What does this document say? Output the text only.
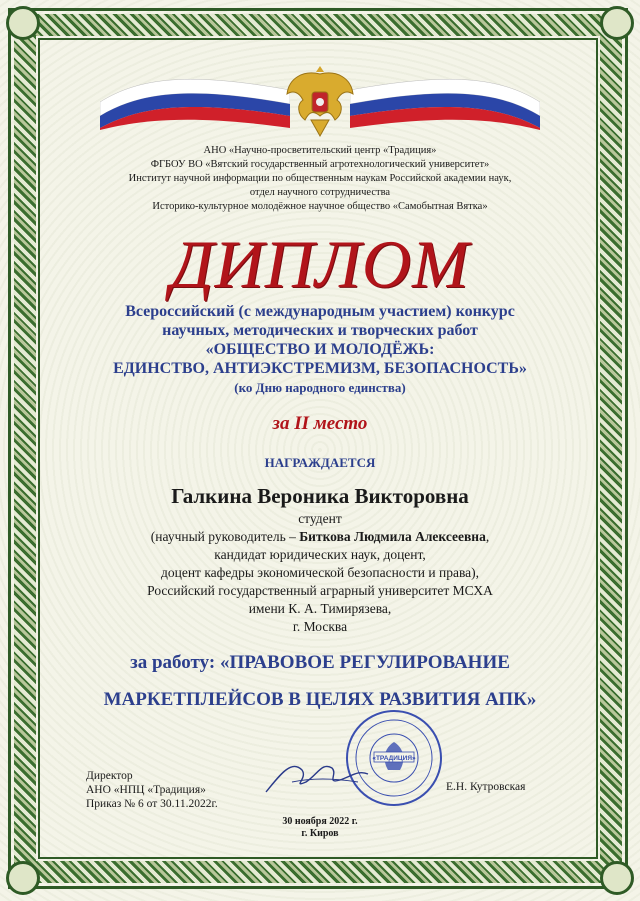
АНО «Научно-просветительский центр «Традиция»
ФГБОУ ВО «Вятский государственный агротехнологический университет»
Институт научной информации по общественным наукам Российской академии наук,
отдел научного сотрудничества
Историко-культурное молодёжное научное общество «Самобытная Вятка»
ДИПЛОМ
Всероссийский (с международным участием) конкурс
научных, методических и творческих работ
«ОБЩЕСТВО И МОЛОДЁЖЬ:
ЕДИНСТВО, АНТИЭКСТРЕМИЗМ, БЕЗОПАСНОСТЬ»
(ко Дню народного единства)
за II место
НАГРАЖДАЕТСЯ
Галкина Вероника Викторовна
студент
(научный руководитель – Биткова Людмила Алексеевна,
кандидат юридических наук, доцент,
доцент кафедры экономической безопасности и права),
Российский государственный аграрный университет МСХА
имени К. А. Тимирязева,
г. Москва
за работу: «ПРАВОВОЕ РЕГУЛИРОВАНИЕ
МАРКЕТПЛЕЙСОВ В ЦЕЛЯХ РАЗВИТИЯ АПК»
«ТРАДИЦИЯ»
Директор
АНО «НПЦ «Традиция»
Приказ № 6 от 30.11.2022г.
Е.Н. Кутровская
30 ноября 2022 г.
г. Киров
